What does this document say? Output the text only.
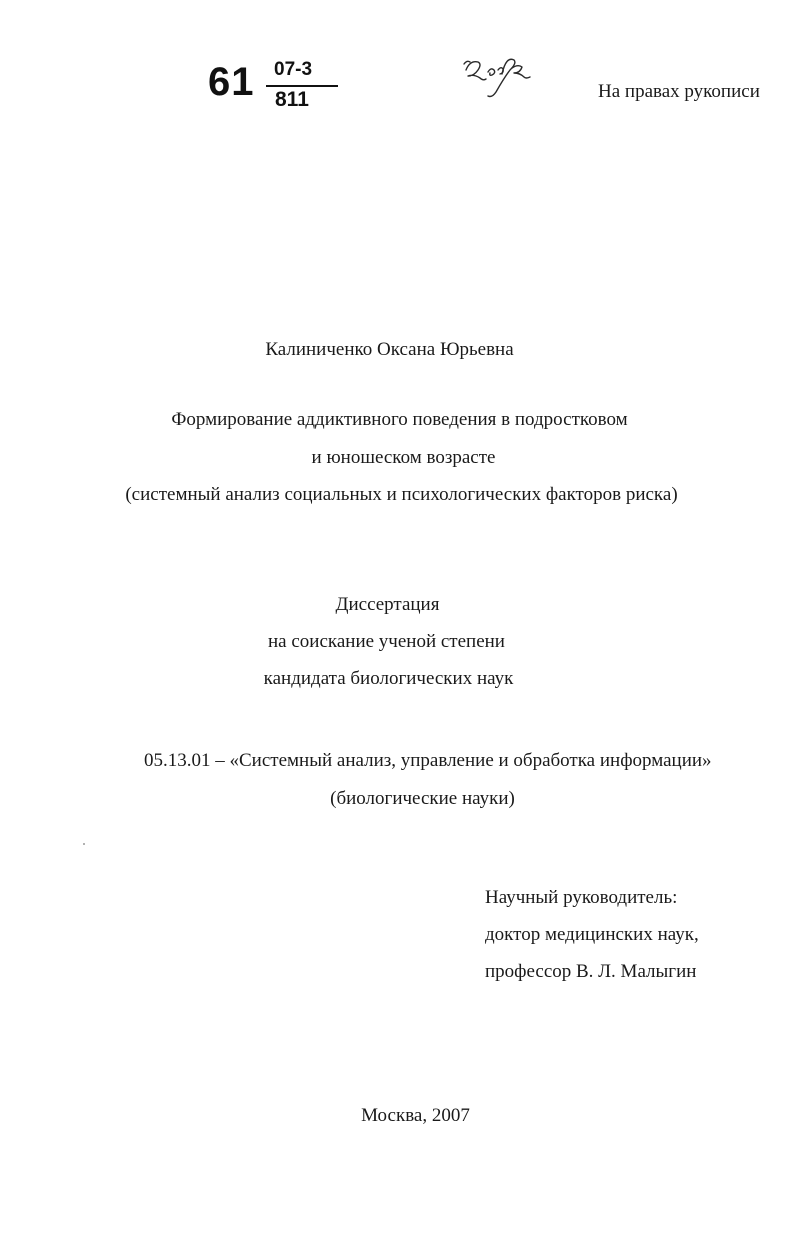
61 07-3
811	На правах рукописи
Калиниченко Оксана Юрьевна
Формирование аддиктивного поведения в подростковом
и юношеском возрасте
(системный анализ социальных и психологических факторов риска)
Диссертация
на соискание ученой степени
кандидата биологических наук
05.13.01 – «Системный анализ, управление и обработка информации»
(биологические науки)
Научный руководитель:
доктор медицинских наук,
профессор В. Л. Малыгин
Москва, 2007
